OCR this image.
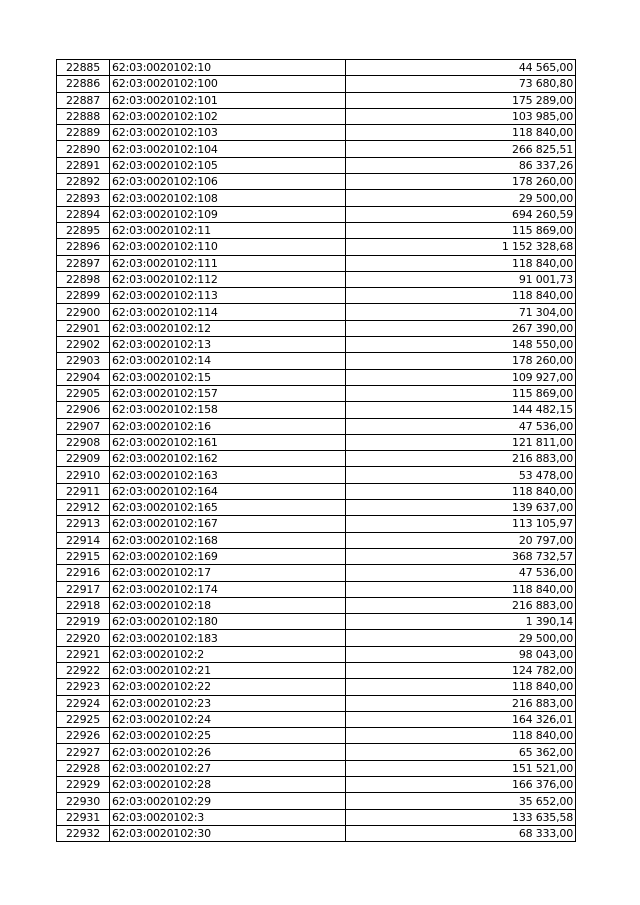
22885	62:03:0020102:10	44 565,00
22886	62:03:0020102:100	73 680,80
22887	62:03:0020102:101	175 289,00
22888	62:03:0020102:102	103 985,00
22889	62:03:0020102:103	118 840,00
22890	62:03:0020102:104	266 825,51
22891	62:03:0020102:105	86 337,26
22892	62:03:0020102:106	178 260,00
22893	62:03:0020102:108	29 500,00
22894	62:03:0020102:109	694 260,59
22895	62:03:0020102:11	115 869,00
22896	62:03:0020102:110	1 152 328,68
22897	62:03:0020102:111	118 840,00
22898	62:03:0020102:112	91 001,73
22899	62:03:0020102:113	118 840,00
22900	62:03:0020102:114	71 304,00
22901	62:03:0020102:12	267 390,00
22902	62:03:0020102:13	148 550,00
22903	62:03:0020102:14	178 260,00
22904	62:03:0020102:15	109 927,00
22905	62:03:0020102:157	115 869,00
22906	62:03:0020102:158	144 482,15
22907	62:03:0020102:16	47 536,00
22908	62:03:0020102:161	121 811,00
22909	62:03:0020102:162	216 883,00
22910	62:03:0020102:163	53 478,00
22911	62:03:0020102:164	118 840,00
22912	62:03:0020102:165	139 637,00
22913	62:03:0020102:167	113 105,97
22914	62:03:0020102:168	20 797,00
22915	62:03:0020102:169	368 732,57
22916	62:03:0020102:17	47 536,00
22917	62:03:0020102:174	118 840,00
22918	62:03:0020102:18	216 883,00
22919	62:03:0020102:180	1 390,14
22920	62:03:0020102:183	29 500,00
22921	62:03:0020102:2	98 043,00
22922	62:03:0020102:21	124 782,00
22923	62:03:0020102:22	118 840,00
22924	62:03:0020102:23	216 883,00
22925	62:03:0020102:24	164 326,01
22926	62:03:0020102:25	118 840,00
22927	62:03:0020102:26	65 362,00
22928	62:03:0020102:27	151 521,00
22929	62:03:0020102:28	166 376,00
22930	62:03:0020102:29	35 652,00
22931	62:03:0020102:3	133 635,58
22932	62:03:0020102:30	68 333,00
